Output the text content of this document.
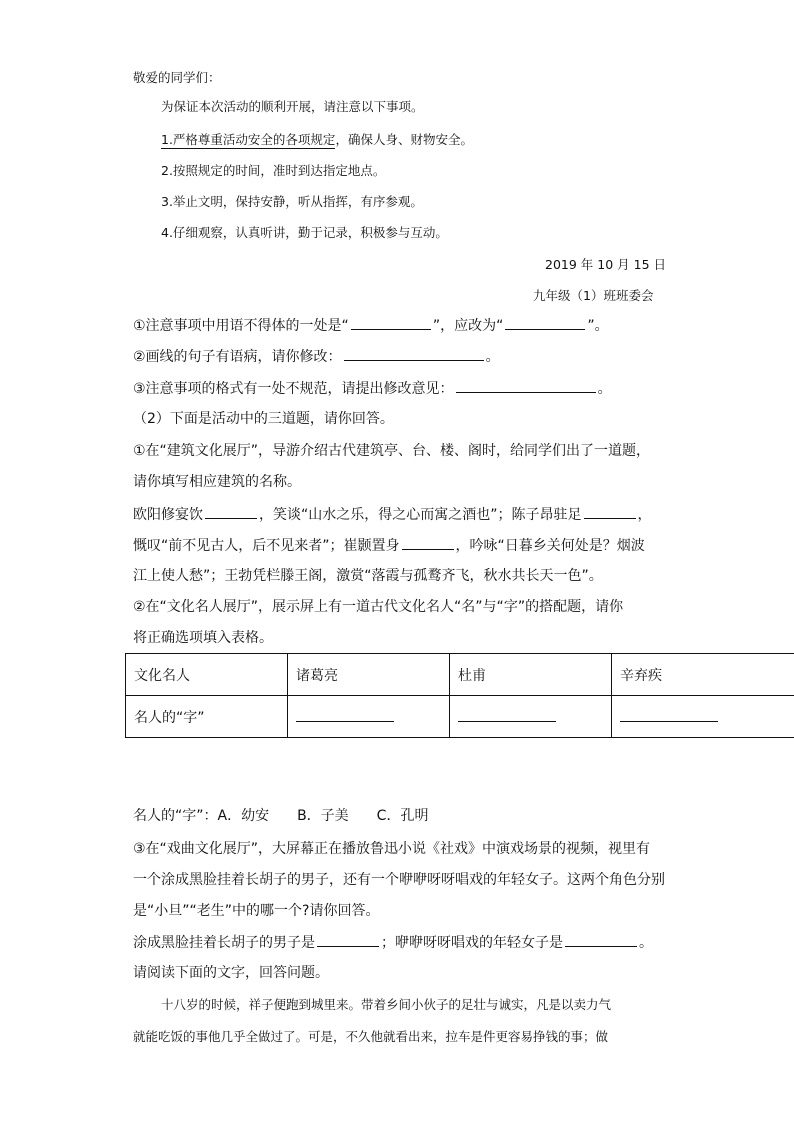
敬爱的同学们：
为保证本次活动的顺利开展，请注意以下事项。
1.严格尊重活动安全的各项规定，确保人身、财物安全。
2.按照规定的时间，准时到达指定地点。
3.举止文明，保持安静，听从指挥，有序参观。
4.仔细观察，认真听讲，勤于记录，积极参与互动。
2019 年 10 月 15 日
九年级（1）班班委会
①注意事项中用语不得体的一处是“	”，应改为“	”。
②画线的句子有语病，请你修改：	。
③注意事项的格式有一处不规范，请提出修改意见：	。
（2）下面是活动中的三道题，请你回答。
①在“建筑文化展厅”，导游介绍古代建筑亭、台、楼、阁时，给同学们出了一道题，
请你填写相应建筑的名称。
欧阳修宴饮	，笑谈“山水之乐，得之心而寓之酒也”；陈子昂驻足	，
慨叹“前不见古人，后不见来者”；崔颢置身	，吟咏“日暮乡关何处是？烟波
江上使人愁”；王勃凭栏滕王阁，激赏“落霞与孤鹜齐飞，秋水共长天一色”。
②在“文化名人展厅”，展示屏上有一道古代文化名人“名”与“字”的搭配题，请你
将正确选项填入表格。
文化名人	诸葛亮	杜甫	辛弃疾
名人的“字”			
名人的“字”：A．幼安　　B．子美　　C．孔明
③在“戏曲文化展厅”，大屏幕正在播放鲁迅小说《社戏》中演戏场景的视频，视里有
一个涂成黑脸挂着长胡子的男子，还有一个咿咿呀呀唱戏的年轻女子。这两个角色分别
是“小旦”“老生”中的哪一个?请你回答。
涂成黑脸挂着长胡子的男子是	；咿咿呀呀唱戏的年轻女子是	。
请阅读下面的文字，回答问题。
十八岁的时候，祥子便跑到城里来。带着乡间小伙子的足壮与诚实，凡是以卖力气
就能吃饭的事他几乎全做过了。可是，不久他就看出来，拉车是件更容易挣钱的事；做
